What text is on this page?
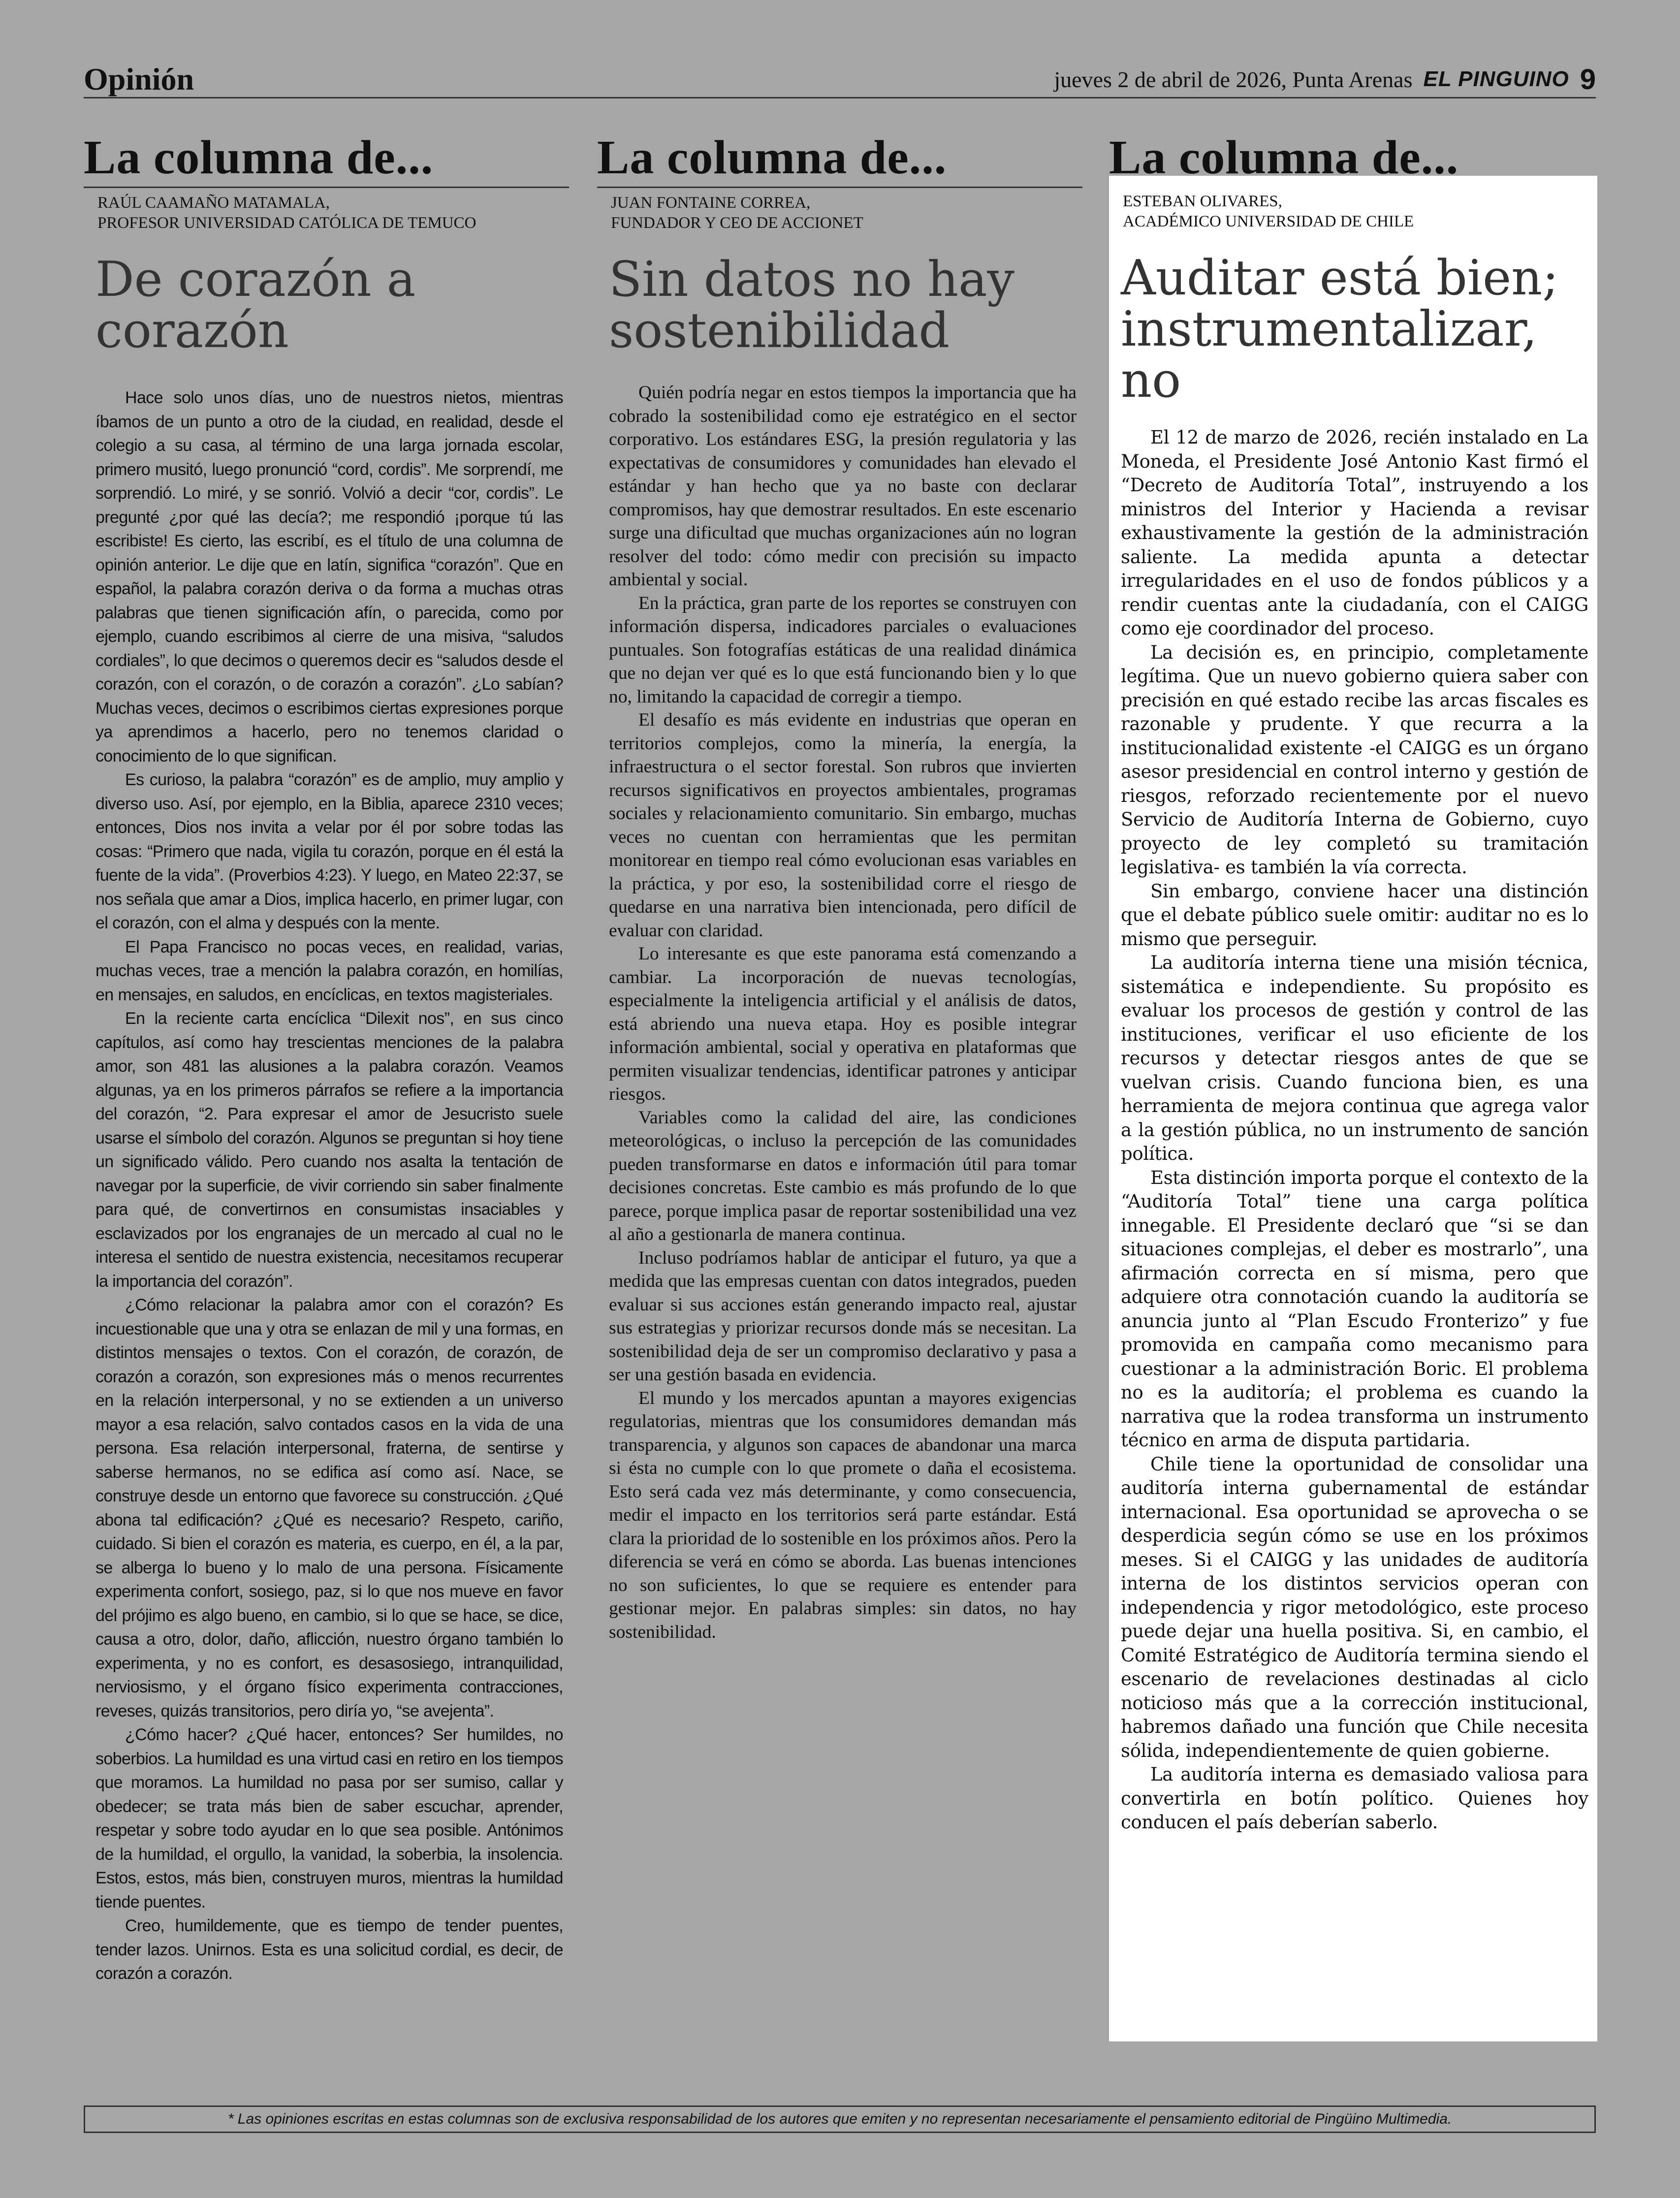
Opinión	jueves 2 de abril de 2026, Punta Arenas EL PINGUINO 9
La columna de...
RAÚL CAAMAÑO MATAMALA,
PROFESOR UNIVERSIDAD CATÓLICA DE TEMUCO
De corazón a corazón

Hace solo unos días, uno de nuestros nietos, mientras íbamos de un punto a otro de la ciudad, en realidad, desde el colegio a su casa, al término de una larga jornada escolar, primero musitó, luego pronunció “cord, cordis”. Me sorprendí, me sorprendió. Lo miré, y se sonrió. Volvió a decir “cor, cordis”. Le pregunté ¿por qué las decía?; me respondió ¡porque tú las escribiste! Es cierto, las escribí, es el título de una columna de opinión anterior. Le dije que en latín, significa “corazón”. Que en español, la palabra corazón deriva o da forma a muchas otras palabras que tienen significación afín, o parecida, como por ejemplo, cuando escribimos al cierre de una misiva, “saludos cordiales”, lo que decimos o queremos decir es “saludos desde el corazón, con el corazón, o de corazón a corazón”. ¿Lo sabían? Muchas veces, decimos o escribimos ciertas expresiones porque ya aprendimos a hacerlo, pero no tenemos claridad o conocimiento de lo que significan.

Es curioso, la palabra “corazón” es de amplio, muy amplio y diverso uso. Así, por ejemplo, en la Biblia, aparece 2310 veces; entonces, Dios nos invita a velar por él por sobre todas las cosas: “Primero que nada, vigila tu corazón, porque en él está la fuente de la vida”. (Proverbios 4:23). Y luego, en Mateo 22:37, se nos señala que amar a Dios, implica hacerlo, en primer lugar, con el corazón, con el alma y después con la mente.

El Papa Francisco no pocas veces, en realidad, varias, muchas veces, trae a mención la palabra corazón, en homilías, en mensajes, en saludos, en encíclicas, en textos magisteriales.

En la reciente carta encíclica “Dilexit nos”, en sus cinco capítulos, así como hay trescientas menciones de la palabra amor, son 481 las alusiones a la palabra corazón. Veamos algunas, ya en los primeros párrafos se refiere a la importancia del corazón, “2. Para expresar el amor de Jesucristo suele usarse el símbolo del corazón. Algunos se preguntan si hoy tiene un significado válido. Pero cuando nos asalta la tentación de navegar por la superficie, de vivir corriendo sin saber finalmente para qué, de convertirnos en consumistas insaciables y esclavizados por los engranajes de un mercado al cual no le interesa el sentido de nuestra existencia, necesitamos recuperar la importancia del corazón”.

¿Cómo relacionar la palabra amor con el corazón? Es incuestionable que una y otra se enlazan de mil y una formas, en distintos mensajes o textos. Con el corazón, de corazón, de corazón a corazón, son expresiones más o menos recurrentes en la relación interpersonal, y no se extienden a un universo mayor a esa relación, salvo contados casos en la vida de una persona. Esa relación interpersonal, fraterna, de sentirse y saberse hermanos, no se edifica así como así. Nace, se construye desde un entorno que favorece su construcción. ¿Qué abona tal edificación? ¿Qué es necesario? Respeto, cariño, cuidado. Si bien el corazón es materia, es cuerpo, en él, a la par, se alberga lo bueno y lo malo de una persona. Físicamente experimenta confort, sosiego, paz, si lo que nos mueve en favor del prójimo es algo bueno, en cambio, si lo que se hace, se dice, causa a otro, dolor, daño, aflicción, nuestro órgano también lo experimenta, y no es confort, es desasosiego, intranquilidad, nerviosismo, y el órgano físico experimenta contracciones, reveses, quizás transitorios, pero diría yo, “se avejenta”.

¿Cómo hacer? ¿Qué hacer, entonces? Ser humildes, no soberbios. La humildad es una virtud casi en retiro en los tiempos que moramos. La humildad no pasa por ser sumiso, callar y obedecer; se trata más bien de saber escuchar, aprender, respetar y sobre todo ayudar en lo que sea posible. Antónimos de la humildad, el orgullo, la vanidad, la soberbia, la insolencia. Estos, estos, más bien, construyen muros, mientras la humildad tiende puentes.

Creo, humildemente, que es tiempo de tender puentes, tender lazos. Unirnos. Esta es una solicitud cordial, es decir, de corazón a corazón.

La columna de...
JUAN FONTAINE CORREA,
FUNDADOR Y CEO DE ACCIONET
Sin datos no hay sostenibilidad

Quién podría negar en estos tiempos la importancia que ha cobrado la sostenibilidad como eje estratégico en el sector corporativo. Los estándares ESG, la presión regulatoria y las expectativas de consumidores y comunidades han elevado el estándar y han hecho que ya no baste con declarar compromisos, hay que demostrar resultados. En este escenario surge una dificultad que muchas organizaciones aún no logran resolver del todo: cómo medir con precisión su impacto ambiental y social.

En la práctica, gran parte de los reportes se construyen con información dispersa, indicadores parciales o evaluaciones puntuales. Son fotografías estáticas de una realidad dinámica que no dejan ver qué es lo que está funcionando bien y lo que no, limitando la capacidad de corregir a tiempo.

El desafío es más evidente en industrias que operan en territorios complejos, como la minería, la energía, la infraestructura o el sector forestal. Son rubros que invierten recursos significativos en proyectos ambientales, programas sociales y relacionamiento comunitario. Sin embargo, muchas veces no cuentan con herramientas que les permitan monitorear en tiempo real cómo evolucionan esas variables en la práctica, y por eso, la sostenibilidad corre el riesgo de quedarse en una narrativa bien intencionada, pero difícil de evaluar con claridad.

Lo interesante es que este panorama está comenzando a cambiar. La incorporación de nuevas tecnologías, especialmente la inteligencia artificial y el análisis de datos, está abriendo una nueva etapa. Hoy es posible integrar información ambiental, social y operativa en plataformas que permiten visualizar tendencias, identificar patrones y anticipar riesgos.

Variables como la calidad del aire, las condiciones meteorológicas, o incluso la percepción de las comunidades pueden transformarse en datos e información útil para tomar decisiones concretas. Este cambio es más profundo de lo que parece, porque implica pasar de reportar sostenibilidad una vez al año a gestionarla de manera continua.

Incluso podríamos hablar de anticipar el futuro, ya que a medida que las empresas cuentan con datos integrados, pueden evaluar si sus acciones están generando impacto real, ajustar sus estrategias y priorizar recursos donde más se necesitan. La sostenibilidad deja de ser un compromiso declarativo y pasa a ser una gestión basada en evidencia.

El mundo y los mercados apuntan a mayores exigencias regulatorias, mientras que los consumidores demandan más transparencia, y algunos son capaces de abandonar una marca si ésta no cumple con lo que promete o daña el ecosistema. Esto será cada vez más determinante, y como consecuencia, medir el impacto en los territorios será parte estándar. Está clara la prioridad de lo sostenible en los próximos años. Pero la diferencia se verá en cómo se aborda. Las buenas intenciones no son suficientes, lo que se requiere es entender para gestionar mejor. En palabras simples: sin datos, no hay sostenibilidad.

La columna de...
ESTEBAN OLIVARES,
ACADÉMICO UNIVERSIDAD DE CHILE
Auditar está bien; instrumentalizar, no

El 12 de marzo de 2026, recién instalado en La Moneda, el Presidente José Antonio Kast firmó el “Decreto de Auditoría Total”, instruyendo a los ministros del Interior y Hacienda a revisar exhaustivamente la gestión de la administración saliente. La medida apunta a detectar irregularidades en el uso de fondos públicos y a rendir cuentas ante la ciudadanía, con el CAIGG como eje coordinador del proceso.

La decisión es, en principio, completamente legítima. Que un nuevo gobierno quiera saber con precisión en qué estado recibe las arcas fiscales es razonable y prudente. Y que recurra a la institucionalidad existente -el CAIGG es un órgano asesor presidencial en control interno y gestión de riesgos, reforzado recientemente por el nuevo Servicio de Auditoría Interna de Gobierno, cuyo proyecto de ley completó su tramitación legislativa- es también la vía correcta.

Sin embargo, conviene hacer una distinción que el debate público suele omitir: auditar no es lo mismo que perseguir.

La auditoría interna tiene una misión técnica, sistemática e independiente. Su propósito es evaluar los procesos de gestión y control de las instituciones, verificar el uso eficiente de los recursos y detectar riesgos antes de que se vuelvan crisis. Cuando funciona bien, es una herramienta de mejora continua que agrega valor a la gestión pública, no un instrumento de sanción política.

Esta distinción importa porque el contexto de la “Auditoría Total” tiene una carga política innegable. El Presidente declaró que “si se dan situaciones complejas, el deber es mostrarlo”, una afirmación correcta en sí misma, pero que adquiere otra connotación cuando la auditoría se anuncia junto al “Plan Escudo Fronterizo” y fue promovida en campaña como mecanismo para cuestionar a la administración Boric. El problema no es la auditoría; el problema es cuando la narrativa que la rodea transforma un instrumento técnico en arma de disputa partidaria.

Chile tiene la oportunidad de consolidar una auditoría interna gubernamental de estándar internacional. Esa oportunidad se aprovecha o se desperdicia según cómo se use en los próximos meses. Si el CAIGG y las unidades de auditoría interna de los distintos servicios operan con independencia y rigor metodológico, este proceso puede dejar una huella positiva. Si, en cambio, el Comité Estratégico de Auditoría termina siendo el escenario de revelaciones destinadas al ciclo noticioso más que a la corrección institucional, habremos dañado una función que Chile necesita sólida, independientemente de quien gobierne.

La auditoría interna es demasiado valiosa para convertirla en botín político. Quienes hoy conducen el país deberían saberlo.

* Las opiniones escritas en estas columnas son de exclusiva responsabilidad de los autores que emiten y no representan necesariamente el pensamiento editorial de Pingüino Multimedia.
